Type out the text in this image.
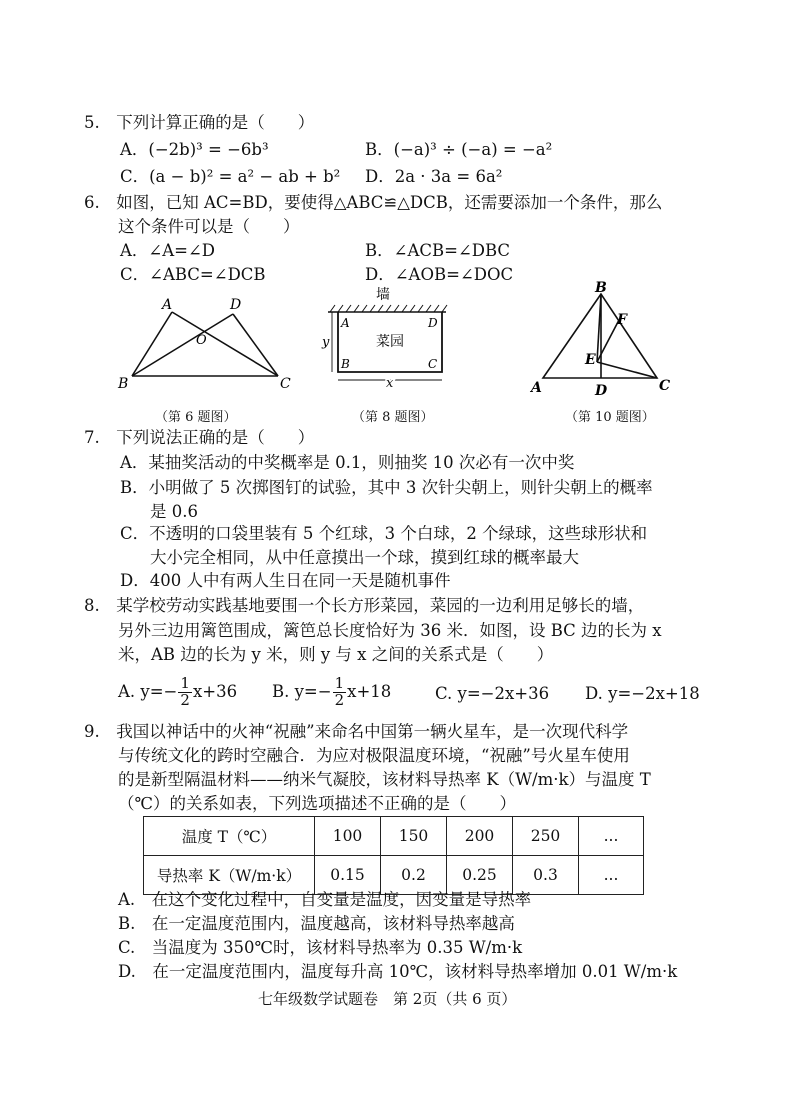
5.　下列计算正确的是（　　）
A．(−2b)³ = −6b³	B．(−a)³ ÷ (−a) = −a²
C．(a − b)² = a² − ab + b² D．2a · 3a = 6a²
6.　如图，已知 AC=BD，要使得△ABC≌△DCB，还需要添加一个条件，那么
这个条件可以是（　　）
A．∠A=∠D	B．∠ACB=∠DBC
C．∠ABC=∠DCB	D．∠AOB=∠DOC
A	D
O
B	C
（第 6 题图）
墙
A	D
B	C
菜园
y
x
（第 8 题图）
B
F
E
A	D	C
（第 10 题图）
7.　下列说法正确的是（　　）
A．某抽奖活动的中奖概率是 0.1，则抽奖 10 次必有一次中奖
B．小明做了 5 次掷图钉的试验，其中 3 次针尖朝上，则针尖朝上的概率
是 0.6
C．不透明的口袋里装有 5 个红球，3 个白球，2 个绿球，这些球形状和
大小完全相同，从中任意摸出一个球，摸到红球的概率最大
D．400 人中有两人生日在同一天是随机事件
8.　某学校劳动实践基地要围一个长方形菜园，菜园的一边利用足够长的墙，
另外三边用篱笆围成，篱笆总长度恰好为 36 米．如图，设 BC 边的长为 x
米，AB 边的长为 y 米，则 y 与 x 之间的关系式是（　　）
A. $y=- \frac{1}{2} x+36$ B. $y=- \frac{1}{2} x+18$	C. y=−2x+36 D. y=−2x+18
9.　我国以神话中的火神“祝融”来命名中国第一辆火星车，是一次现代科学
与传统文化的跨时空融合．为应对极限温度环境，“祝融”号火星车使用
的是新型隔温材料——纳米气凝胶，该材料导热率 K（W/m·k）与温度 T
（℃）的关系如表，下列选项描述不正确的是（　　）
温度 T（℃）	100	150	200	250	...
导热率 K（W/m·k）	0.15	0.2	0.25	0.3	...
A.　在这个变化过程中，自变量是温度，因变量是导热率
B.　在一定温度范围内，温度越高，该材料导热率越高
C.　当温度为 350℃时，该材料导热率为 0.35 W/m·k
D.　在一定温度范围内，温度每升高 10℃，该材料导热率增加 0.01 W/m·k
七年级数学试题卷　第 2页（共 6 页）
